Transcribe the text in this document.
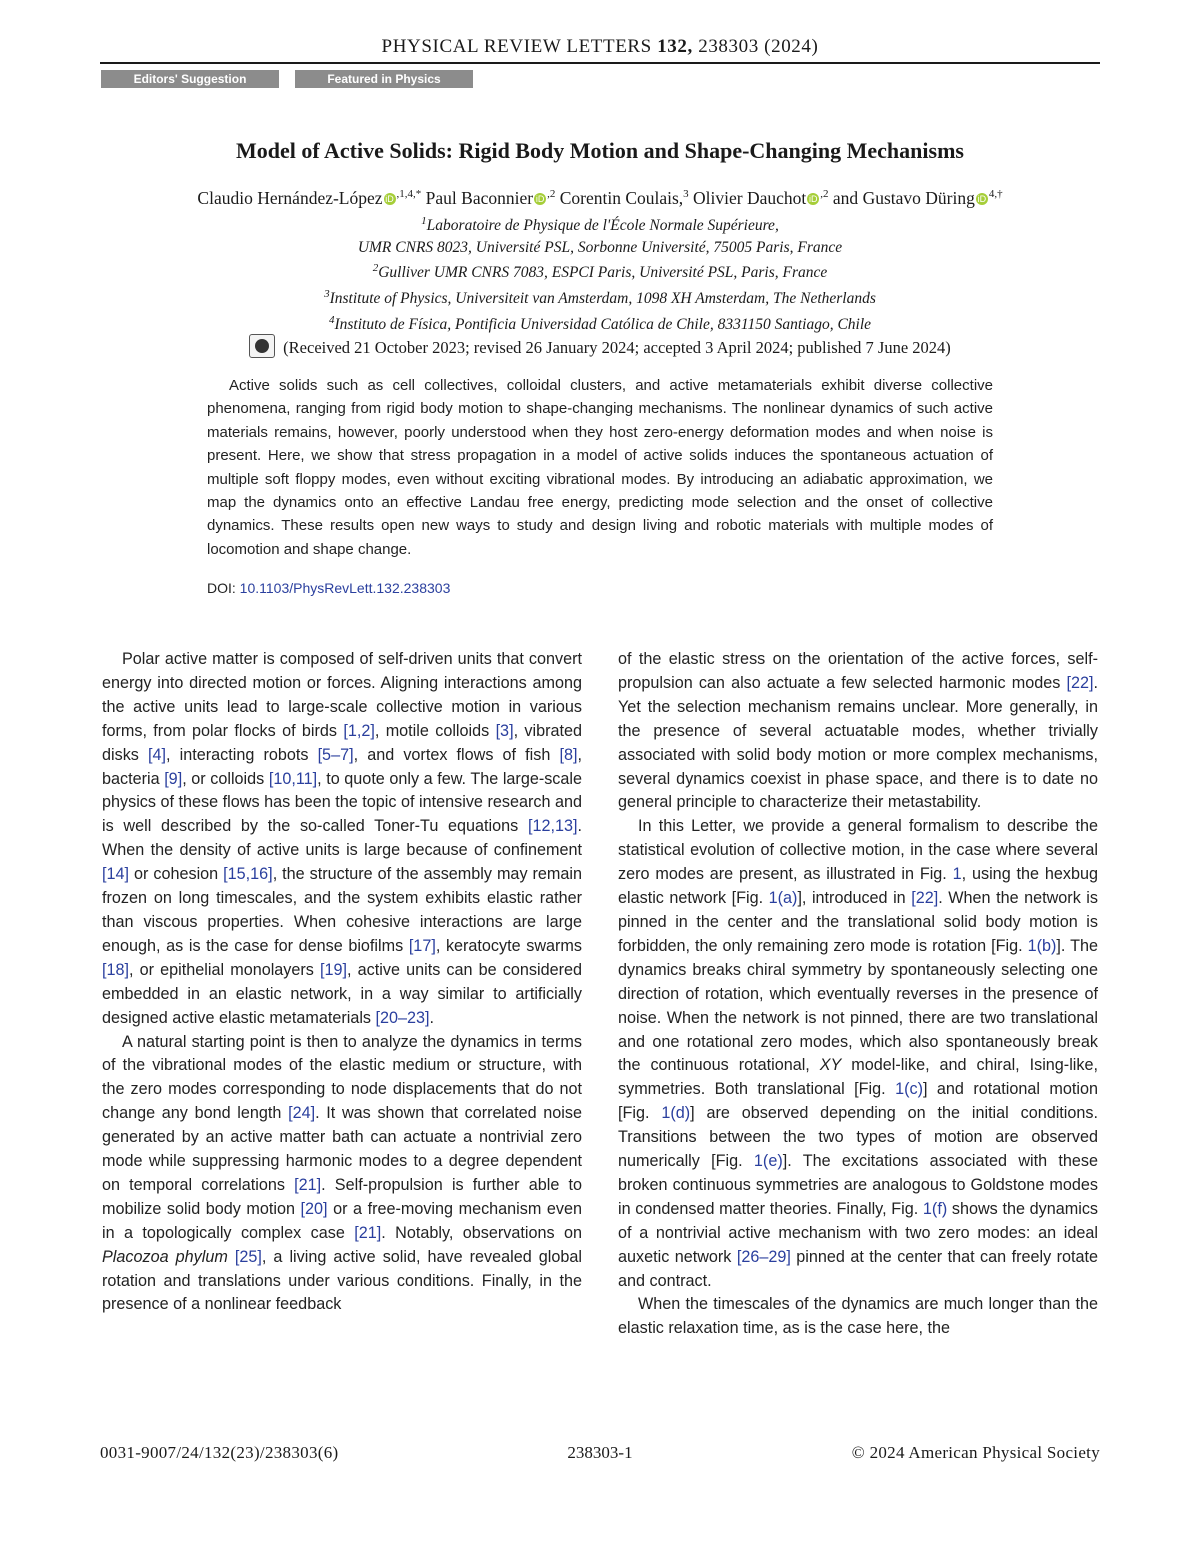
PHYSICAL REVIEW LETTERS 132, 238303 (2024)
Editors' Suggestion	Featured in Physics
Model of Active Solids: Rigid Body Motion and Shape-Changing Mechanisms
Claudio Hernández-López iD $^{,1,4,*}$ Paul Baconnier iD $^{,2}$ Corentin Coulais,$^3$ Olivier Dauchot iD $^{,2}$ and Gustavo Düring iD $^{4,\dagger}$
$^1$Laboratoire de Physique de l'École Normale Supérieure,
UMR CNRS 8023, Université PSL, Sorbonne Université, 75005 Paris, France
$^2$Gulliver UMR CNRS 7083, ESPCI Paris, Université PSL, Paris, France
$^3$Institute of Physics, Universiteit van Amsterdam, 1098 XH Amsterdam, The Netherlands
$^4$Instituto de Física, Pontificia Universidad Católica de Chile, 8331150 Santiago, Chile
(Received 21 October 2023; revised 26 January 2024; accepted 3 April 2024; published 7 June 2024)
Active solids such as cell collectives, colloidal clusters, and active metamaterials exhibit diverse collective phenomena, ranging from rigid body motion to shape-changing mechanisms. The nonlinear dynamics of such active materials remains, however, poorly understood when they host zero-energy deformation modes and when noise is present. Here, we show that stress propagation in a model of active solids induces the spontaneous actuation of multiple soft floppy modes, even without exciting vibrational modes. By introducing an adiabatic approximation, we map the dynamics onto an effective Landau free energy, predicting mode selection and the onset of collective dynamics. These results open new ways to study and design living and robotic materials with multiple modes of locomotion and shape change.
DOI: 10.1103/PhysRevLett.132.238303

Polar active matter is composed of self-driven units that convert energy into directed motion or forces. Aligning interactions among the active units lead to large-scale collective motion in various forms, from polar flocks of birds [1,2], motile colloids [3], vibrated disks [4], interacting robots [5–7], and vortex flows of fish [8], bacteria [9], or colloids [10,11], to quote only a few. The large-scale physics of these flows has been the topic of intensive research and is well described by the so-called Toner-Tu equations [12,13]. When the density of active units is large because of confinement [14] or cohesion [15,16], the structure of the assembly may remain frozen on long timescales, and the system exhibits elastic rather than viscous properties. When cohesive interactions are large enough, as is the case for dense biofilms [17], keratocyte swarms [18], or epithelial monolayers [19], active units can be considered embedded in an elastic network, in a way similar to artificially designed active elastic metamaterials [20–23].

A natural starting point is then to analyze the dynamics in terms of the vibrational modes of the elastic medium or structure, with the zero modes corresponding to node displacements that do not change any bond length [24]. It was shown that correlated noise generated by an active matter bath can actuate a nontrivial zero mode while suppressing harmonic modes to a degree dependent on temporal correlations [21]. Self-propulsion is further able to mobilize solid body motion [20] or a free-moving mechanism even in a topologically complex case [21]. Notably, observations on Placozoa phylum [25], a living active solid, have revealed global rotation and translations under various conditions. Finally, in the presence of a nonlinear feedback

of the elastic stress on the orientation of the active forces, self-propulsion can also actuate a few selected harmonic modes [22]. Yet the selection mechanism remains unclear. More generally, in the presence of several actuatable modes, whether trivially associated with solid body motion or more complex mechanisms, several dynamics coexist in phase space, and there is to date no general principle to characterize their metastability.

In this Letter, we provide a general formalism to describe the statistical evolution of collective motion, in the case where several zero modes are present, as illustrated in Fig. 1, using the hexbug elastic network [Fig. 1(a)], introduced in [22]. When the network is pinned in the center and the translational solid body motion is forbidden, the only remaining zero mode is rotation [Fig. 1(b)]. The dynamics breaks chiral symmetry by spontaneously selecting one direction of rotation, which eventually reverses in the presence of noise. When the network is not pinned, there are two translational and one rotational zero modes, which also spontaneously break the continuous rotational, XY model-like, and chiral, Ising-like, symmetries. Both translational [Fig. 1(c)] and rotational motion [Fig. 1(d)] are observed depending on the initial conditions. Transitions between the two types of motion are observed numerically [Fig. 1(e)]. The excitations associated with these broken continuous symmetries are analogous to Goldstone modes in condensed matter theories. Finally, Fig. 1(f) shows the dynamics of a nontrivial active mechanism with two zero modes: an ideal auxetic network [26–29] pinned at the center that can freely rotate and contract.

When the timescales of the dynamics are much longer than the elastic relaxation time, as is the case here, the

0031-9007/24/132(23)/238303(6)	238303-1	© 2024 American Physical Society
